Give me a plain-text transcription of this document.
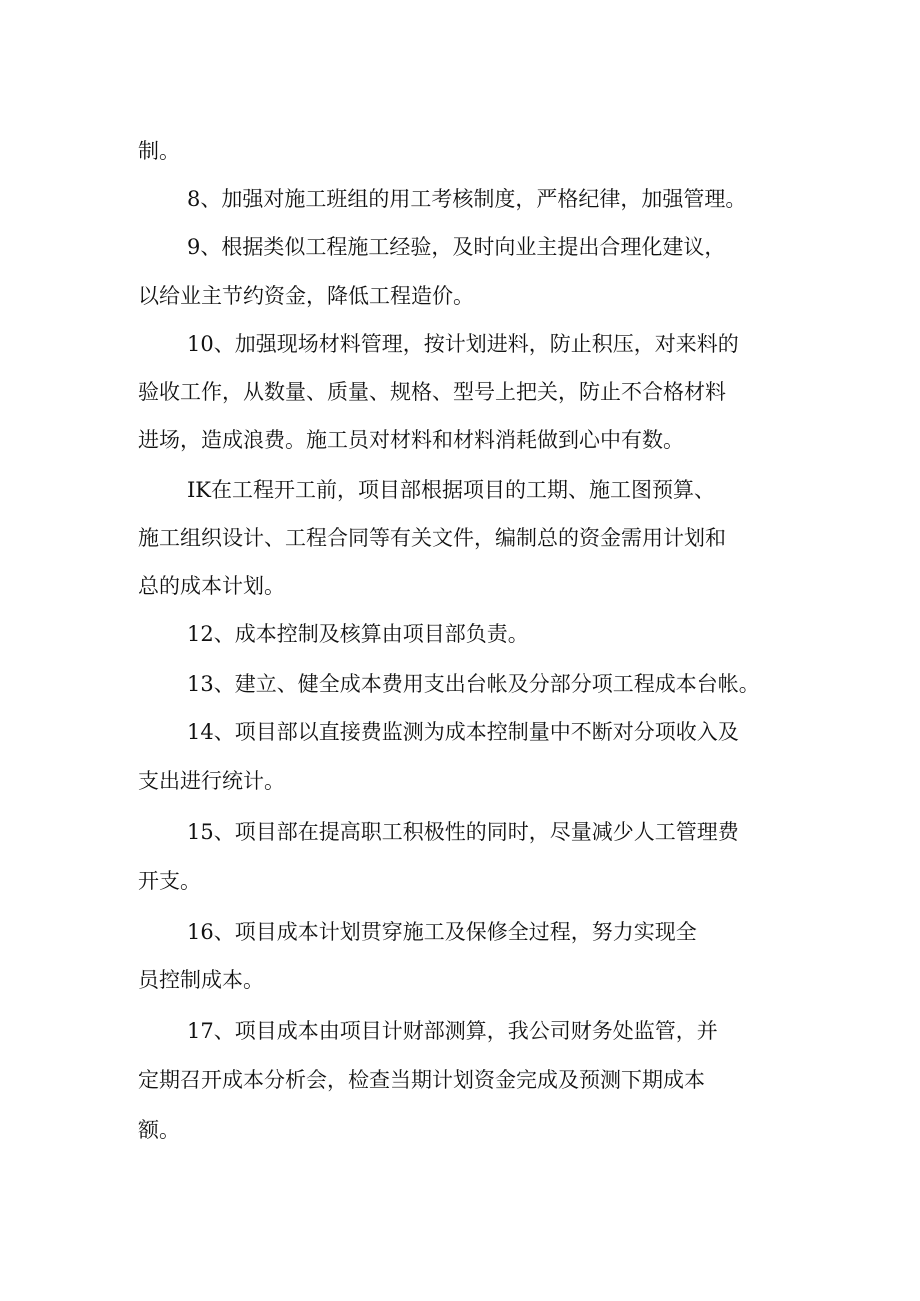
制。
8、加强对施工班组的用工考核制度，严格纪律，加强管理。
9、根据类似工程施工经验，及时向业主提出合理化建议，
以给业主节约资金，降低工程造价。
10、加强现场材料管理，按计划进料，防止积压，对来料的
验收工作，从数量、质量、规格、型号上把关，防止不合格材料
进场，造成浪费。施工员对材料和材料消耗做到心中有数。
IK在工程开工前，项目部根据项目的工期、施工图预算、
施工组织设计、工程合同等有关文件，编制总的资金需用计划和
总的成本计划。
12、成本控制及核算由项目部负责。
13、建立、健全成本费用支出台帐及分部分项工程成本台帐。
14、项目部以直接费监测为成本控制量中不断对分项收入及
支出进行统计。
15、项目部在提高职工积极性的同时，尽量减少人工管理费
开支。
16、项目成本计划贯穿施工及保修全过程，努力实现全
员控制成本。
17、项目成本由项目计财部测算，我公司财务处监管，并
定期召开成本分析会，检查当期计划资金完成及预测下期成本
额。
